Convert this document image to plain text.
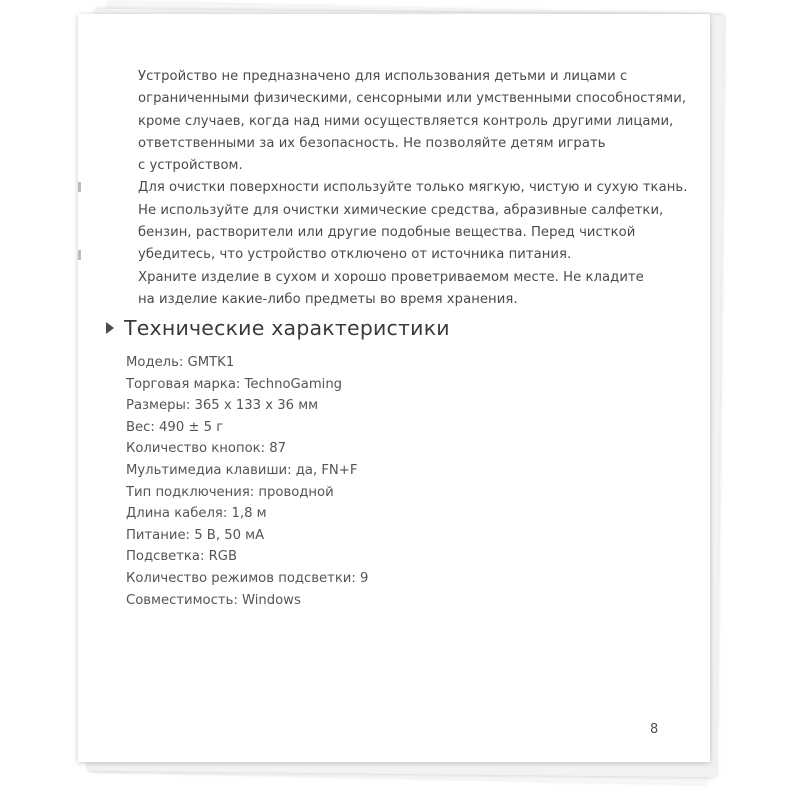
Устройство не предназначено для использования детьми и лицами с
ограниченными физическими, сенсорными или умственными способностями,
кроме случаев, когда над ними осуществляется контроль другими лицами,
ответственными за их безопасность. Не позволяйте детям играть
с устройством.
Для очистки поверхности используйте только мягкую, чистую и сухую ткань.
Не используйте для очистки химические средства, абразивные салфетки,
бензин, растворители или другие подобные вещества. Перед чисткой
убедитесь, что устройство отключено от источника питания.
Храните изделие в сухом и хорошо проветриваемом месте. Не кладите
на изделие какие-либо предметы во время хранения.

Технические характеристики
Модель: GMTK1
Торговая марка: TechnoGaming
Размеры: 365 x 133 x 36 мм
Вес: 490 ± 5 г
Количество кнопок: 87
Мультимедиа клавиши: да, FN+F
Тип подключения: проводной
Длина кабеля: 1,8 м
Питание: 5 В, 50 мА
Подсветка: RGB
Количество режимов подсветки: 9
Совместимость: Windows
8
